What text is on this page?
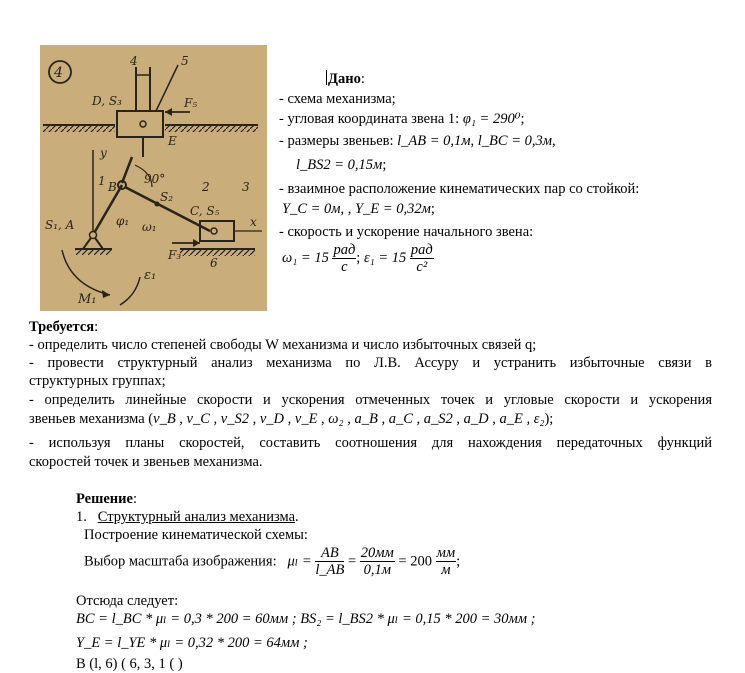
4
4	5
D, S₃	F₅
E
y
1 B
90°
2	3
S₁, A	φ₁ ω₁
S₂
C, S₅
x
F₃
6
M₁
ε₁
Дано:
- схема механизма;
- угловая координата звена 1: φ₁ = 290⁰;
- размеры звеньев: l_AB = 0,1м, l_BC = 0,3м,
l_BS2 = 0,15м;
- взаимное расположение кинематических пар со стойкой:
Y_C = 0м, , Y_E = 0,32м;
- скорость и ускорение начального звена:
$\omega_1 = 15 \frac{\text{рад}}{с}$ ; $\varepsilon_1 = 15 \frac{\text{рад}}{\text{с²}}$
Требуется:
- определить число степеней свободы W механизма и число избыточных связей q;
- провести структурный анализ механизма по Л.В. Ассуру и устранить избыточные связи в
структурных группах;
- определить линейные скорости и ускорения отмеченных точек и угловые скорости и ускорения
звеньев механизма (v_B , v_C , v_S2 , v_D , v_E , ω₂ , a_B , a_C , a_S2 , a_D , a_E , ε₂);
- используя планы скоростей, составить соотношения для нахождения передаточных функций
скоростей точек и звеньев механизма.
Решение:
1. Структурный анализ механизма.
Построение кинематической схемы:
Выбор масштаба изображения: $\mu_l = \frac{AB}{l\_AB} = \frac{20мм}{0,1м} = 200 \frac{мм}{м}$ ;
Отсюда следует:
BC = l_BC * μₗ = 0,3 * 200 = 60мм ; BS₂ = l_BS2 * μₗ = 0,15 * 200 = 30мм ;
Y_E = l_YE * μₗ = 0,32 * 200 = 64мм ;
В (l, 6) ( 6, 3, 1 ( )
